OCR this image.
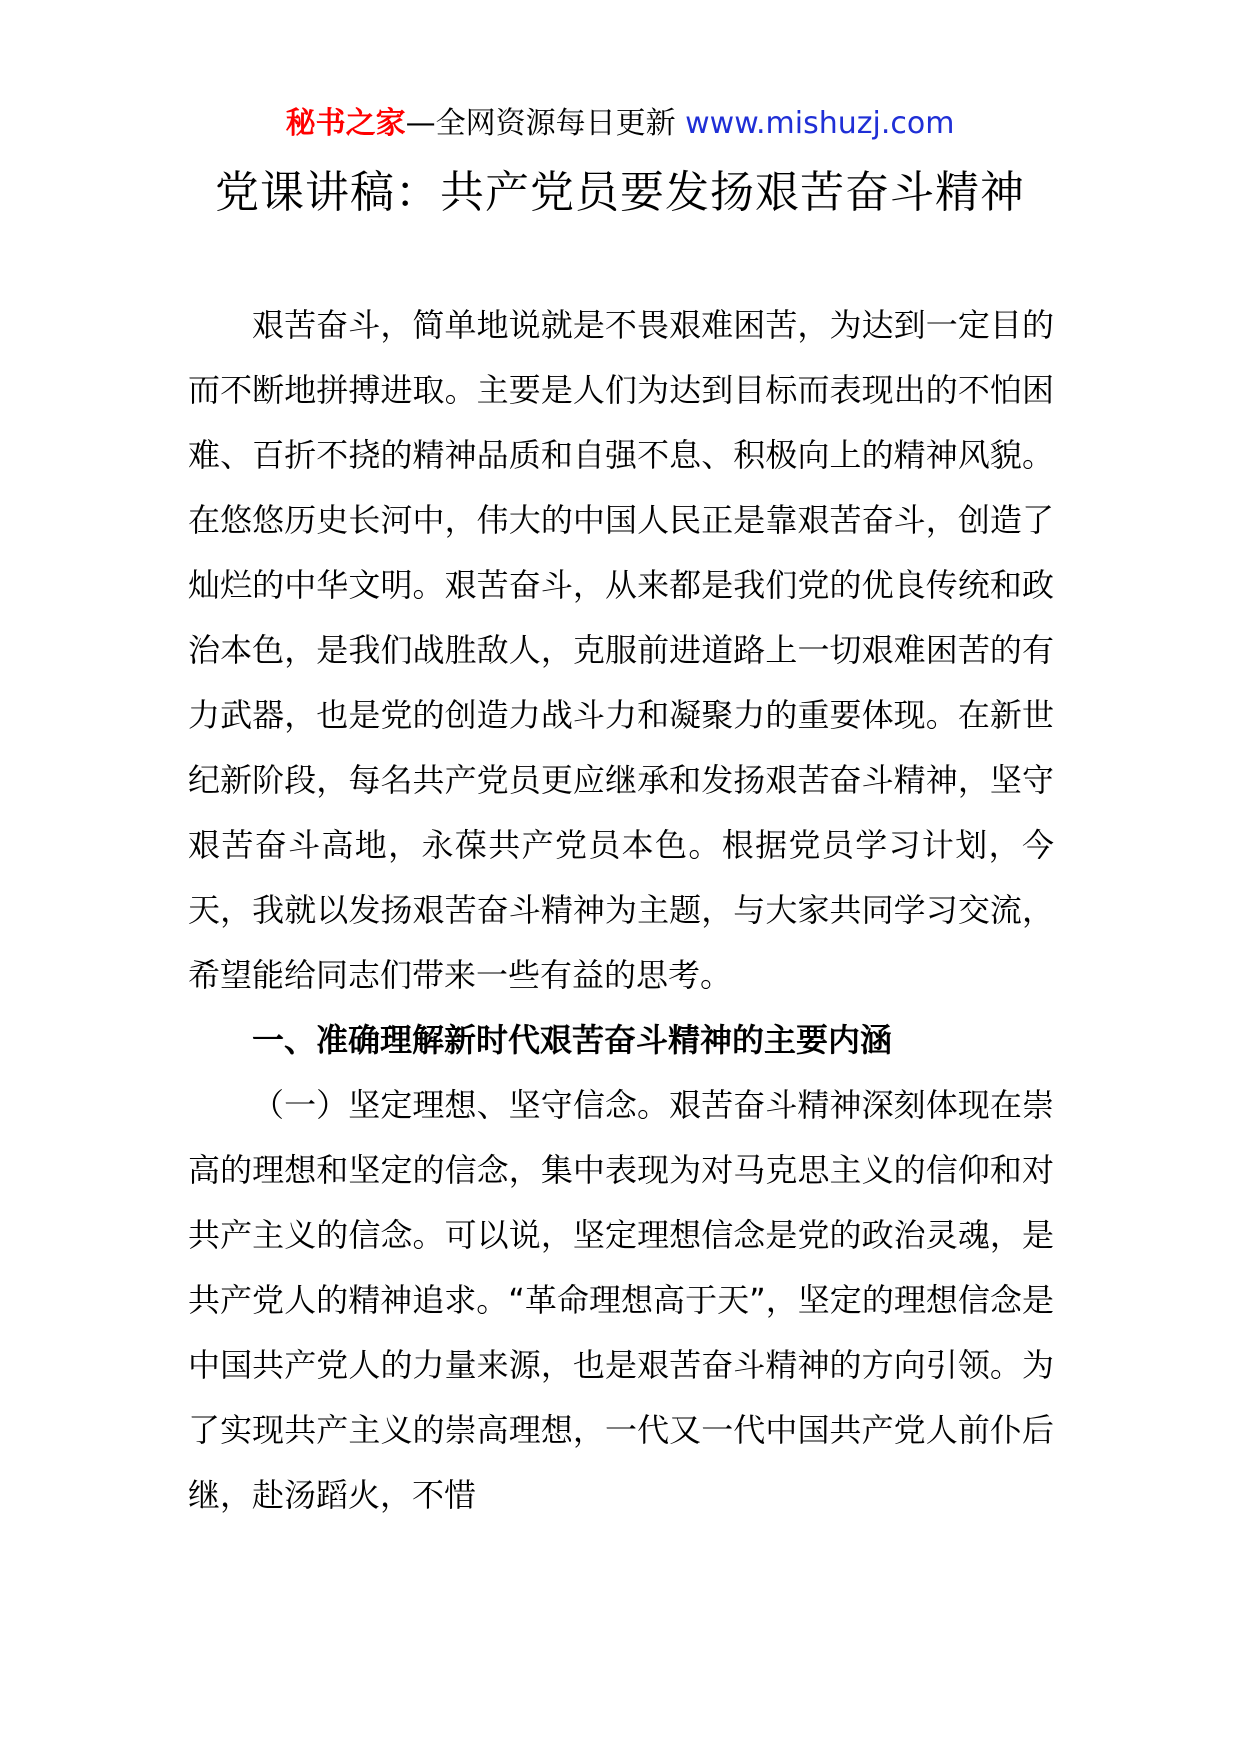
秘书之家—全网资源每日更新 www.mishuzj.com
党课讲稿：共产党员要发扬艰苦奋斗精神

艰苦奋斗，简单地说就是不畏艰难困苦，为达到一定目的而不断地拼搏进取。主要是人们为达到目标而表现出的不怕困难、百折不挠的精神品质和自强不息、积极向上的精神风貌。在悠悠历史长河中，伟大的中国人民正是靠艰苦奋斗，创造了灿烂的中华文明。艰苦奋斗，从来都是我们党的优良传统和政治本色，是我们战胜敌人，克服前进道路上一切艰难困苦的有力武器，也是党的创造力战斗力和凝聚力的重要体现。在新世纪新阶段，每名共产党员更应继承和发扬艰苦奋斗精神，坚守艰苦奋斗高地，永葆共产党员本色。根据党员学习计划，今天，我就以发扬艰苦奋斗精神为主题，与大家共同学习交流，希望能给同志们带来一些有益的思考。

一、准确理解新时代艰苦奋斗精神的主要内涵

（一）坚定理想、坚守信念。艰苦奋斗精神深刻体现在崇高的理想和坚定的信念，集中表现为对马克思主义的信仰和对共产主义的信念。可以说，坚定理想信念是党的政治灵魂，是共产党人的精神追求。“革命理想高于天”，坚定的理想信念是中国共产党人的力量来源，也是艰苦奋斗精神的方向引领。为了实现共产主义的崇高理想，一代又一代中国共产党人前仆后继，赴汤蹈火，不惜
